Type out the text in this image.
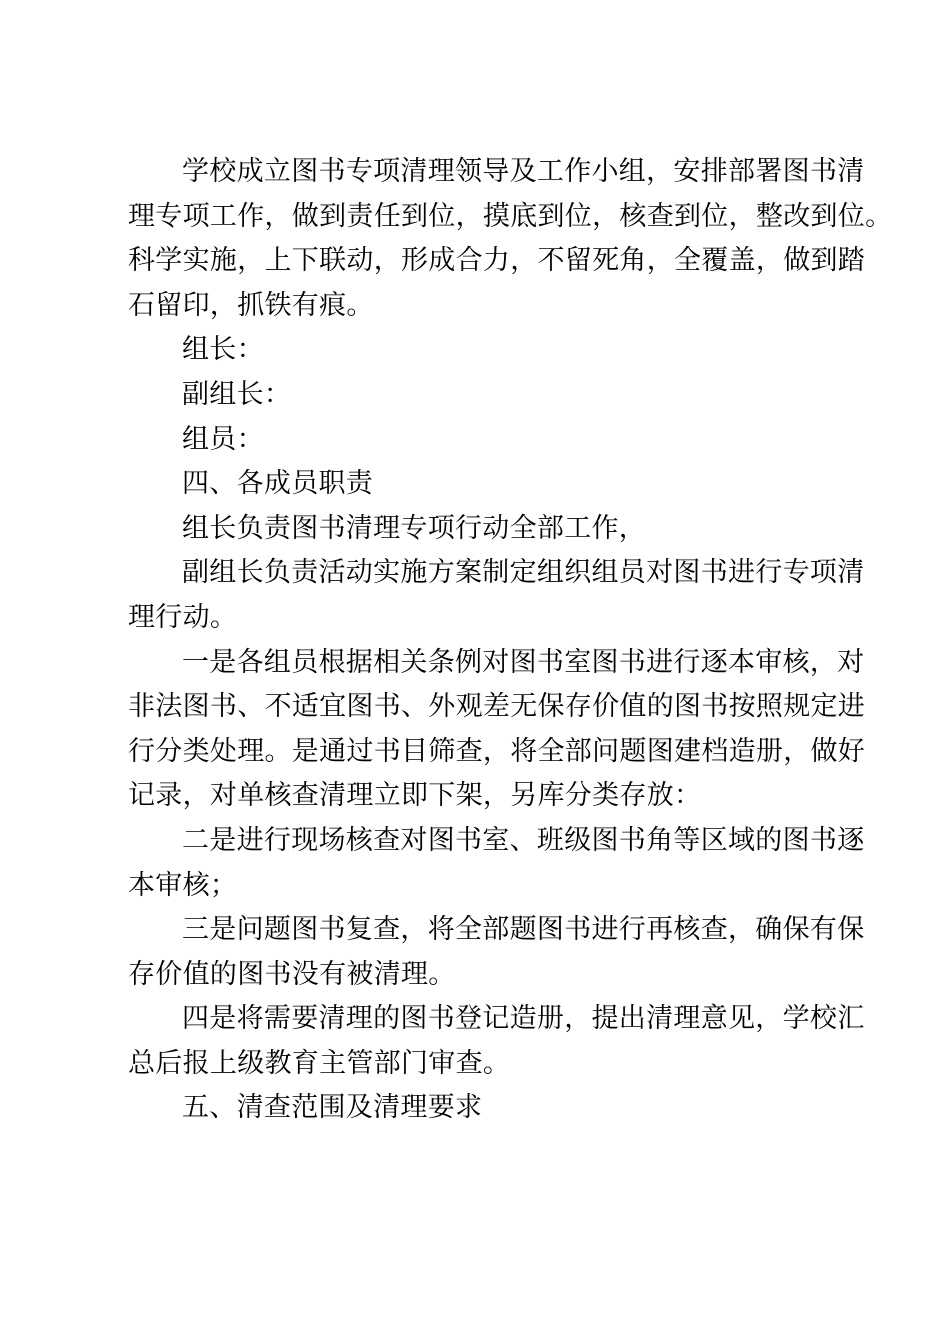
学校成立图书专项清理领导及工作小组，安排部署图书清
理专项工作，做到责任到位，摸底到位，核查到位，整改到位。
科学实施，上下联动，形成合力，不留死角，全覆盖，做到踏
石留印，抓铁有痕。
组长：
副组长：
组员：
四、各成员职责
组长负责图书清理专项行动全部工作，
副组长负责活动实施方案制定组织组员对图书进行专项清
理行动。
一是各组员根据相关条例对图书室图书进行逐本审核，对
非法图书、不适宜图书、外观差无保存价值的图书按照规定进
行分类处理。是通过书目筛查，将全部问题图建档造册，做好
记录，对单核查清理立即下架，另库分类存放：
二是进行现场核查对图书室、班级图书角等区域的图书逐
本审核；
三是问题图书复查，将全部题图书进行再核查，确保有保
存价值的图书没有被清理。
四是将需要清理的图书登记造册，提出清理意见，学校汇
总后报上级教育主管部门审查。
五、清查范围及清理要求
